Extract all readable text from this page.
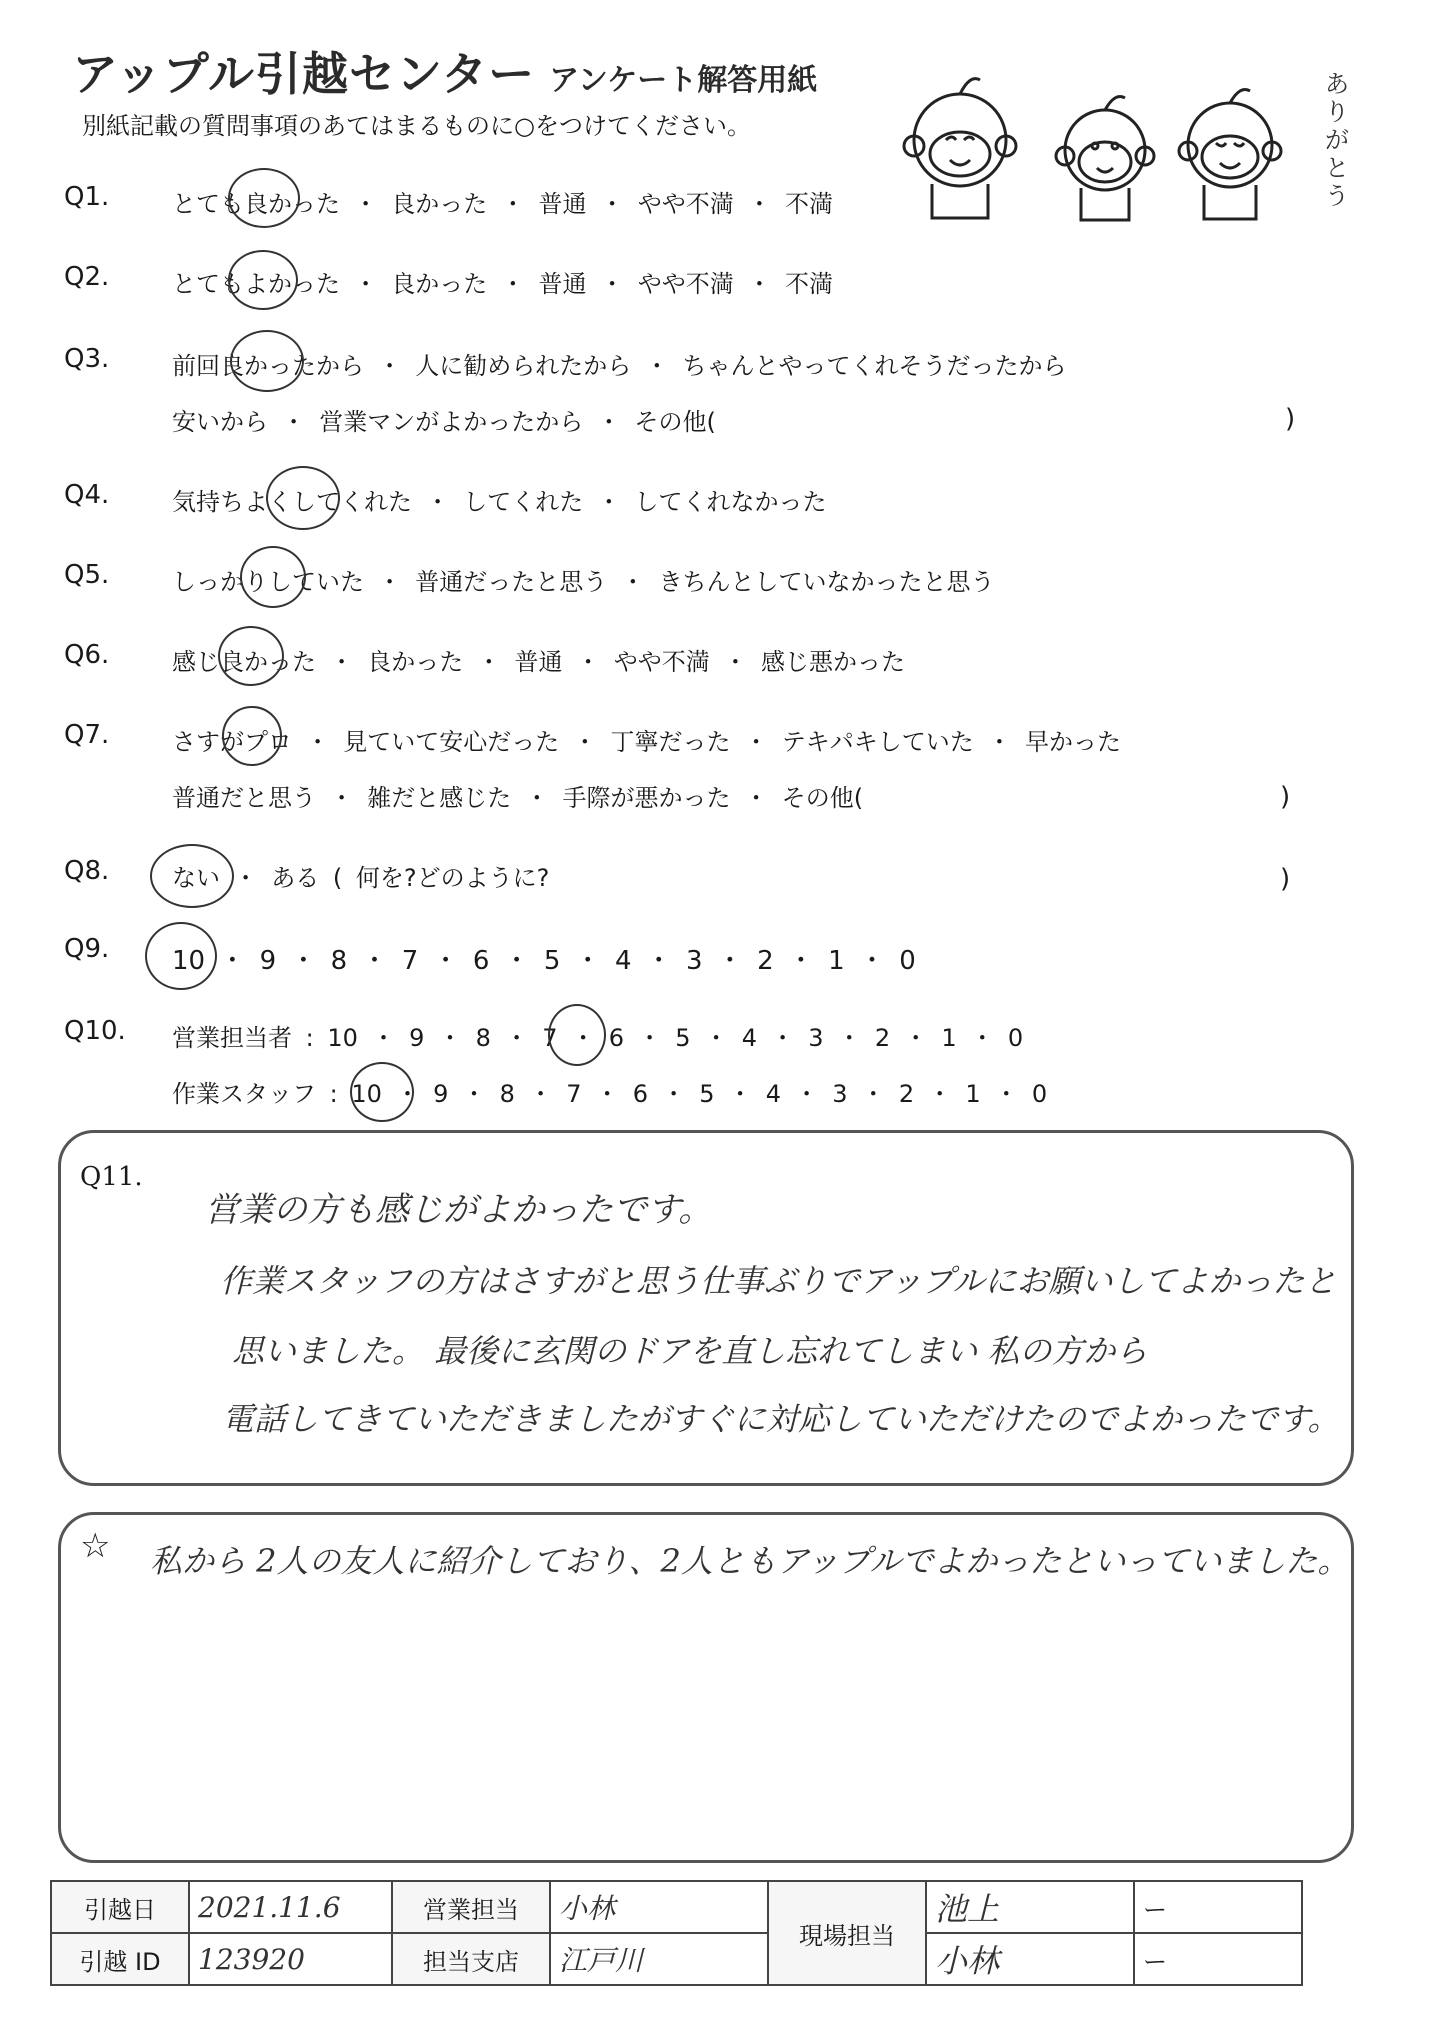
アップル引越センター アンケート解答用紙
別紙記載の質問事項のあてはまるものに○をつけてください。
ありがとう
Q1.	とても良かった ・ 良かった ・ 普通 ・ やや不満 ・ 不満
Q2.	とてもよかった ・ 良かった ・ 普通 ・ やや不満 ・ 不満
Q3.	前回良かったから ・ 人に勧められたから ・ ちゃんとやってくれそうだったから
安いから ・ 営業マンがよかったから ・ その他(	)
Q4.	気持ちよくしてくれた ・ してくれた ・ してくれなかった
Q5.	しっかりしていた ・ 普通だったと思う ・ きちんとしていなかったと思う
Q6.	感じ良かった ・ 良かった ・ 普通 ・ やや不満 ・ 感じ悪かった
Q7.	さすがプロ ・ 見ていて安心だった ・ 丁寧だった ・ テキパキしていた ・ 早かった
普通だと思う ・ 雑だと感じた ・ 手際が悪かった ・ その他(	)
Q8.	ない ・ ある ( 何を?どのように?	)
Q9. 10 ・ 9 ・ 8 ・ 7 ・ 6 ・ 5 ・ 4 ・ 3 ・ 2 ・ 1 ・ 0
Q10. 営業担当者 : 10 ・ 9 ・ 8 ・ 7 ・ 6 ・ 5 ・ 4 ・ 3 ・ 2 ・ 1 ・ 0
作業スタッフ : 10 ・ 9 ・ 8 ・ 7 ・ 6 ・ 5 ・ 4 ・ 3 ・ 2 ・ 1 ・ 0
Q11.
営業の方も感じがよかったです。
作業スタッフの方はさすがと思う仕事ぶりでアップルにお願いしてよかったと
思いました。 最後に玄関のドアを直し忘れてしまい 私の方から
電話してきていただきましたがすぐに対応していただけたのでよかったです。
☆ 私から 2人の友人に紹介しており、2人ともアップルでよかったといっていました。
引越日	2021.11.6	営業担当	小林	現場担当	池上	ー
引越 ID	123920	担当支店	江戸川		小林	ー
